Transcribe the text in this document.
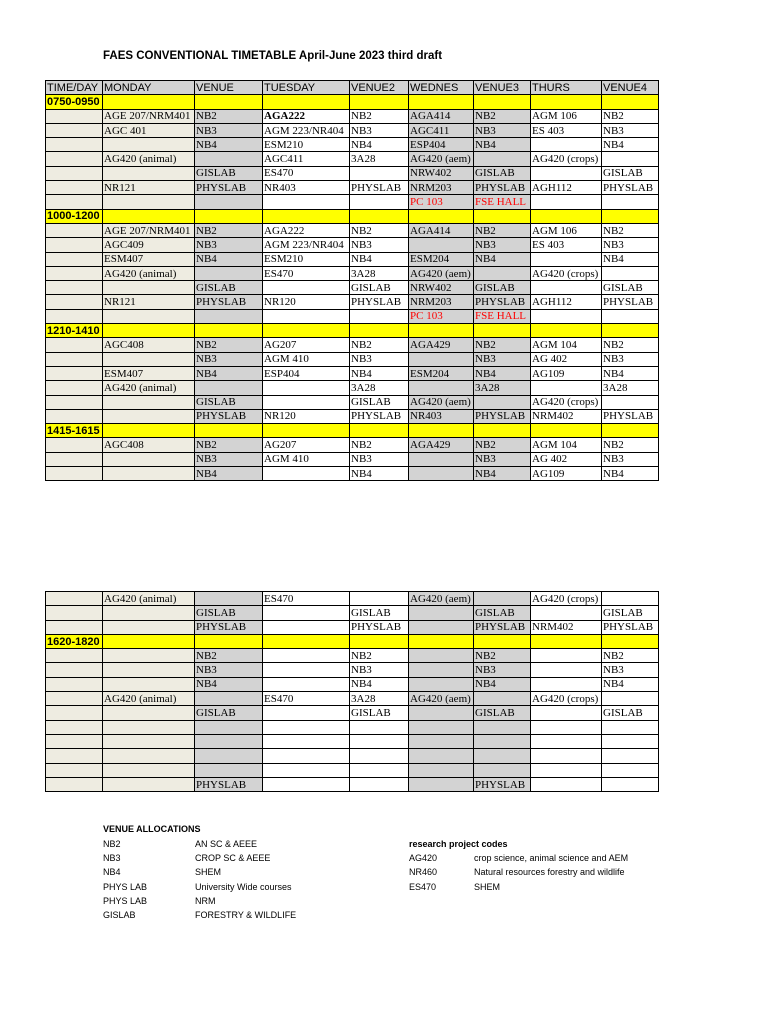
FAES CONVENTIONAL TIMETABLE April-June 2023 third draft
TIME/DAY	MONDAY	VENUE	TUESDAY	VENUE2	WEDNES	VENUE3	THURS	VENUE4
0750-0950								
	AGE 207/NRM401	NB2	AGA222	NB2	AGA414	NB2	AGM 106	NB2
	AGC 401	NB3	AGM 223/NR404	NB3	AGC411	NB3	ES 403	NB3
		NB4	ESM210	NB4	ESP404	NB4		NB4
	AG420 (animal)		AGC411	3A28	AG420 (aem)		AG420 (crops)	
		GISLAB	ES470		NRW402	GISLAB		GISLAB
	NR121	PHYSLAB	NR403	PHYSLAB	NRM203	PHYSLAB	AGH112	PHYSLAB
					PC 103	FSE HALL		
1000-1200								
	AGE 207/NRM401	NB2	AGA222	NB2	AGA414	NB2	AGM 106	NB2
	AGC409	NB3	AGM 223/NR404	NB3		NB3	ES 403	NB3
	ESM407	NB4	ESM210	NB4	ESM204	NB4		NB4
	AG420 (animal)		ES470	3A28	AG420 (aem)		AG420 (crops)	
		GISLAB		GISLAB	NRW402	GISLAB		GISLAB
	NR121	PHYSLAB	NR120	PHYSLAB	NRM203	PHYSLAB	AGH112	PHYSLAB
					PC 103	FSE HALL		
1210-1410								
	AGC408	NB2	AG207	NB2	AGA429	NB2	AGM 104	NB2
		NB3	AGM 410	NB3		NB3	AG 402	NB3
	ESM407	NB4	ESP404	NB4	ESM204	NB4	AG109	NB4
	AG420 (animal)			3A28		3A28		3A28
		GISLAB		GISLAB	AG420 (aem)		AG420 (crops)	
		PHYSLAB	NR120	PHYSLAB	NR403	PHYSLAB	NRM402	PHYSLAB
1415-1615								
	AGC408	NB2	AG207	NB2	AGA429	NB2	AGM 104	NB2
		NB3	AGM 410	NB3		NB3	AG 402	NB3
		NB4		NB4		NB4	AG109	NB4
	AG420 (animal)		ES470		AG420 (aem)		AG420 (crops)	
		GISLAB		GISLAB		GISLAB		GISLAB
		PHYSLAB		PHYSLAB		PHYSLAB	NRM402	PHYSLAB
1620-1820								
		NB2		NB2		NB2		NB2
		NB3		NB3		NB3		NB3
		NB4		NB4		NB4		NB4
	AG420 (animal)		ES470	3A28	AG420 (aem)		AG420 (crops)	
		GISLAB		GISLAB		GISLAB		GISLAB

		PHYSLAB				PHYSLAB		
VENUE ALLOCATIONS
NB2	AN SC & AEEE
NB3	CROP SC & AEEE
NB4	SHEM
PHYS LAB	University Wide courses
PHYS LAB	NRM
GISLAB	FORESTRY & WILDLIFE
research project codes
AG420	crop science, animal science and AEM
NR460	Natural resources forestry and wildlife
ES470	SHEM
